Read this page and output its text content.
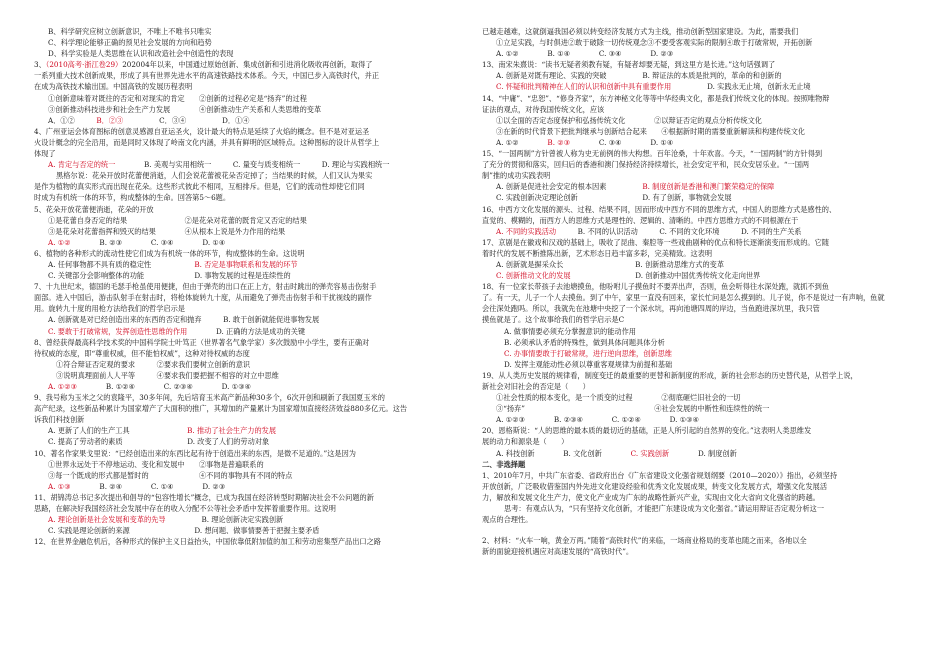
B、科学研究应树立创新意识，不唯上不唯书只唯实
C、科学理论能够正确的预见社会发展的方向和趋势
D、科学实验是人类思维在认识和改造社会中创造性的表现
3、（2010高考·浙江卷29）202004年以来，中国通过原始创新、集成创新和引进消化吸收再创新，取得了
一系列重大技术创新成果，形成了具有世界先进水平的高速铁路技术体系。今天，中国已步入高铁时代，并正
在成为高铁技术输出国。中国高铁的发展历程表明
①创新意味着对既往的否定和对现实的肯定　　②创新的过程必定是“扬弃”的过程
③创新推动科技进步和社会生产力发展　　　　④创新推动生产关系和人类思维的变革
A．①②　　　B．②③　　　　　C．③④　　　　　D．①④
4、广州亚运会体育图标的创意灵感源自亚运圣火，设计最大的特点是延续了火焰的概念。但不是对亚运圣
火设计概念的完全沿用，而是同时又体现了岭南文化内涵，并具有鲜明的区域特点。这种图标的设计从哲学上
体现了
A. 肯定与否定的统一　　　　B. 美观与实用相统一　　　C. 量变与质变相统一　　　D. 理论与实践相统一
黑格尔说：花朵开放时花蕾便消逝，人们会说花蕾被花朵否定掉了；当结果的时候，人们又认为果实
是作为植物的真实形式而出现在花朵。这些形式彼此不相同，互相排斥。但是，它们的流动性却使它们同
时成为有机统一体的环节，构成整体的生命。回答第5～6题。
5、花朵开放花蕾便消逝，花朵的开放
①是花蕾自身否定的结果　　　　　　　　②是花朵对花蕾的既肯定又否定的结果
③是花朵对花蕾指挥和毁灭的结果　　　　④从根本上说是外力作用的结果
A. ①②　　　　B. ②③　　　　C. ③④　　　　D. ①④
6、植物的各种形式的流动性使它们成为有机统一体的环节，构成整体的生命。这说明
A. 任何事物都不具有质的稳定性　　　　　　B. 否定是事物联系和发展的环节
C. 关键部分会影响整体的功能　　　　　　　D. 事物发展的过程是连续性的
7、十九世纪末，德国的毛瑟手枪虽使用便捷，但由于弹壳的出口在正上方，射击时跳出的弹壳容易击伤射手
面部。进入中国后，游击队射手在射击时，将枪体旋转九十度，从而避免了弹壳击伤射手和干扰视线的副作
用。旋转九十度的用枪方法给我们的哲学启示是
A. 创新就是对已经创造出来的东西的否定和抛弃　　　B. 敢于创新就能促进事物发展
C. 要敢于打破常规，发挥创造性思维的作用　　　　D. 正确的方法是成功的关键
8、曾经获得最高科学技术奖的中国科学院士叶笃正（世界著名气象学家）多次鼓励中小学生，要有正确对
待权威的态度，即“尊重权威，但不能怕权威”，这种对待权威的态度
①符合辩证否定观的要求　　　②要求我们要树立创新的意识
③说明真理面前人人平等　　　④要求我们要把握不相容的对立中思维
A. ①②③　　　　B. ①②④　　　　C. ②③④　　　　D. ①③④
9、我号称为玉米之父的袁隆平，30多年间，先后培育玉米高产新品种30多个，6次开创和刷新了我国夏玉米的
高产纪录，这些新品种累计为国家增产了大面积的推广，其增加的产量累计为国家增加直接经济效益880多亿元。这告
诉我们科技创新
A. 更新了人们的生产工具　　　　　　　　B. 推动了社会生产力的发展
C. 提高了劳动者的素质　　　　　　　　　D. 改变了人们的劳动对象
10、著名作家果戈里说：“已经创造出来的东西比起有待于创造出来的东西，是微不足道的。”这是因为
①世界永远处于不停地运动、变化和发展中　　②事物是普遍联系的
③每一个既成的形式都是暂时的　　　　　　　④不同的事物具有不同的特点
A. ①③　　　　B. ②④　　　　C. ①④　　　　D. ②③
11、胡锦涛总书记多次提出和倡导的“包容性增长”概念，已成为我国在经济转型时期解决社会不公问题的新
思路，在解决好我国经济社会发展中存在的收入分配不公等社会矛盾中发挥着重要作用。这说明
A. 理论创新是社会发展和变革的先导　　　　　B. 理论创新决定实践创新
C. 实践是理论创新的来源　　　　　　　　　D. 想问题、做事情要善于把握主要矛盾
12、在世界金融危机后，各种形式的保护主义日益抬头，中国依靠低附加值的加工和劳动密集型产品出口之路
已越走越难，这就倒逼我国必须以转变经济发展方式为主线，推动创新型国家建设。为此，需要我们
①立足实践，与时俱进②敢于破除一切传统观念③不要受客观实际的限制④敢于打破常规，开拓创新
A. ①②　　　　B. ①④　　　　C. ③④　　　　D. ②③
13、南宋朱熹说：“读书无疑者须教有疑，有疑者却要无疑，到这里方是长进。”这句话强调了
A. 创新是对既有理论、实践的突破　　　　　B. 辩证法的本质是批判的，革命的和创新的
C. 怀疑和批判精神在人们的认识和创新中具有重要作用　　　　　D. 实践永无止境，创新永无止境
14、“中庸”、“忠恕”、“修身齐家”，东方神秘文化等等中华经典文化，都是我们传统文化的体现。按照唯物辩
证法的观点，对待我国传统文化，应该
①以全面的否定态度保护和弘扬传统文化　　　　②以辩证否定的观点分析传统文化
③在新的时代背景下把批判继承与创新结合起来　　④根据新时期的需要重新解读和构建传统文化
A. ①②　　　　B. ②③　　　　C. ③④　　　　D. ①④
15、“一国两制”方针曾被人称为史无前例的伟大构想。百年沧桑，十年欢喜。今天，“一国两制”的方针得到
了充分的贯彻和落实，回归后的香港和澳门保持经济持续增长，社会安定平和，民众安居乐业。“一国两
制”推的成功实践表明
A. 创新是促进社会安定的根本因素　　　　　B. 制度创新是香港和澳门繁荣稳定的保障
C. 实践创新决定理论创新　　　　　　　　　D. 有了创新，事物就会发展
16、中西方文化发展的源头、过程、结果不同，因而形成中西方不同的思维方式，中国人的思维方式是感性的、
直觉的、模糊的，而西方人的思维方式是理性的、逻辑的、清晰的。中西方思维方式的不同根源在于
A. 不同的实践活动　　　B. 不同的认识活动　　　C. 不同的文化环境　　　D. 不同的生产关系
17、京剧是在徽戏和汉戏的基础上，吸收了昆曲、秦腔等一些戏曲剧种的优点和特长逐渐演变而形成的。它随
着时代的发展不断推陈出新，艺术形态日趋丰富多彩，完美精致。这表明
A. 创新就是摒采众长　　　　　　　　　　B. 创新推动思维方式的变革
C. 创新推动文化的发展　　　　　　　　　D. 创新推动中国优秀传统文化走向世界
18、有一位家长带孩子去池塘摸鱼，他吩咐儿子摸鱼时不要弄出声，否则，鱼会听得往水深处跑，就抓不到鱼
了。有一天，儿子一个人去摸鱼。到了中午，家里一直没有回来，家长忙问是怎么摸到的。儿子说，你不是说过一有声响，鱼就
会往深处跑吗。所以，我就先在池塘中央挖了一个深水坑，再向池塘四周的岸边，当鱼跑进深坑里，我只管
摸鱼就是了。这个故事给我们的哲学启示是C
A. 做事情要必须充分掌握意识的能动作用
B. 必须承认矛盾的特殊性，做到具体问题具体分析
C. 办事情要敢于打破常规，进行逆向思维，创新思维
D. 发挥主观能动性必须以尊重客观规律为前提和基础
19、从人类历史发展的规律看，制度变迁的最重要的更替和新制度的形成，新的社会形态的历史替代是，从哲学上说，
新社会对旧社会的否定是（　　）
①社会性质的根本变化，是一个质变的过程　　　　②彻底砸烂旧社会的一切
③“扬弃”　　　　　　　　　　　　　　　　　　④社会发展的中断性和连续性的统一
A. ①②③　　　　B. ②③④　　　　C. ①②④　　　　D. ①③④
20、恩格斯说：“人的思维的最本质的最切近的基础，正是人所引起的自然界的变化。”这表明人类思维发
展的动力和源泉是（　　）
A. 科技创新　　　　B. 文化创新　　　　C. 实践创新　　　　D. 制度创新
二、非选择题
1、2010年7月，中共广东省委、省政府出台《广东省建设文化强省规划纲要（2010—2020）》指出，必须坚持
开放创新，广泛吸收借鉴国内外先进文化建设经验和优秀文化发展成果，转变文化发展方式，增强文化发展活
力，解放和发展文化生产力，使文化产业成为广东的战略性新兴产业，实现由文化大省向文化强省的跨越。
思考：有观点认为，“只有坚持文化创新，才能把广东建设成为文化强省。”请运用辩证否定观分析这一
观点的合理性。
2、材料：“火车一响，黄金万两。”随着“高铁时代”的来临，一场商业格局的变革也随之而来，各地以全
新的面貌迎接机遇应对高速发展的“高铁时代”。
